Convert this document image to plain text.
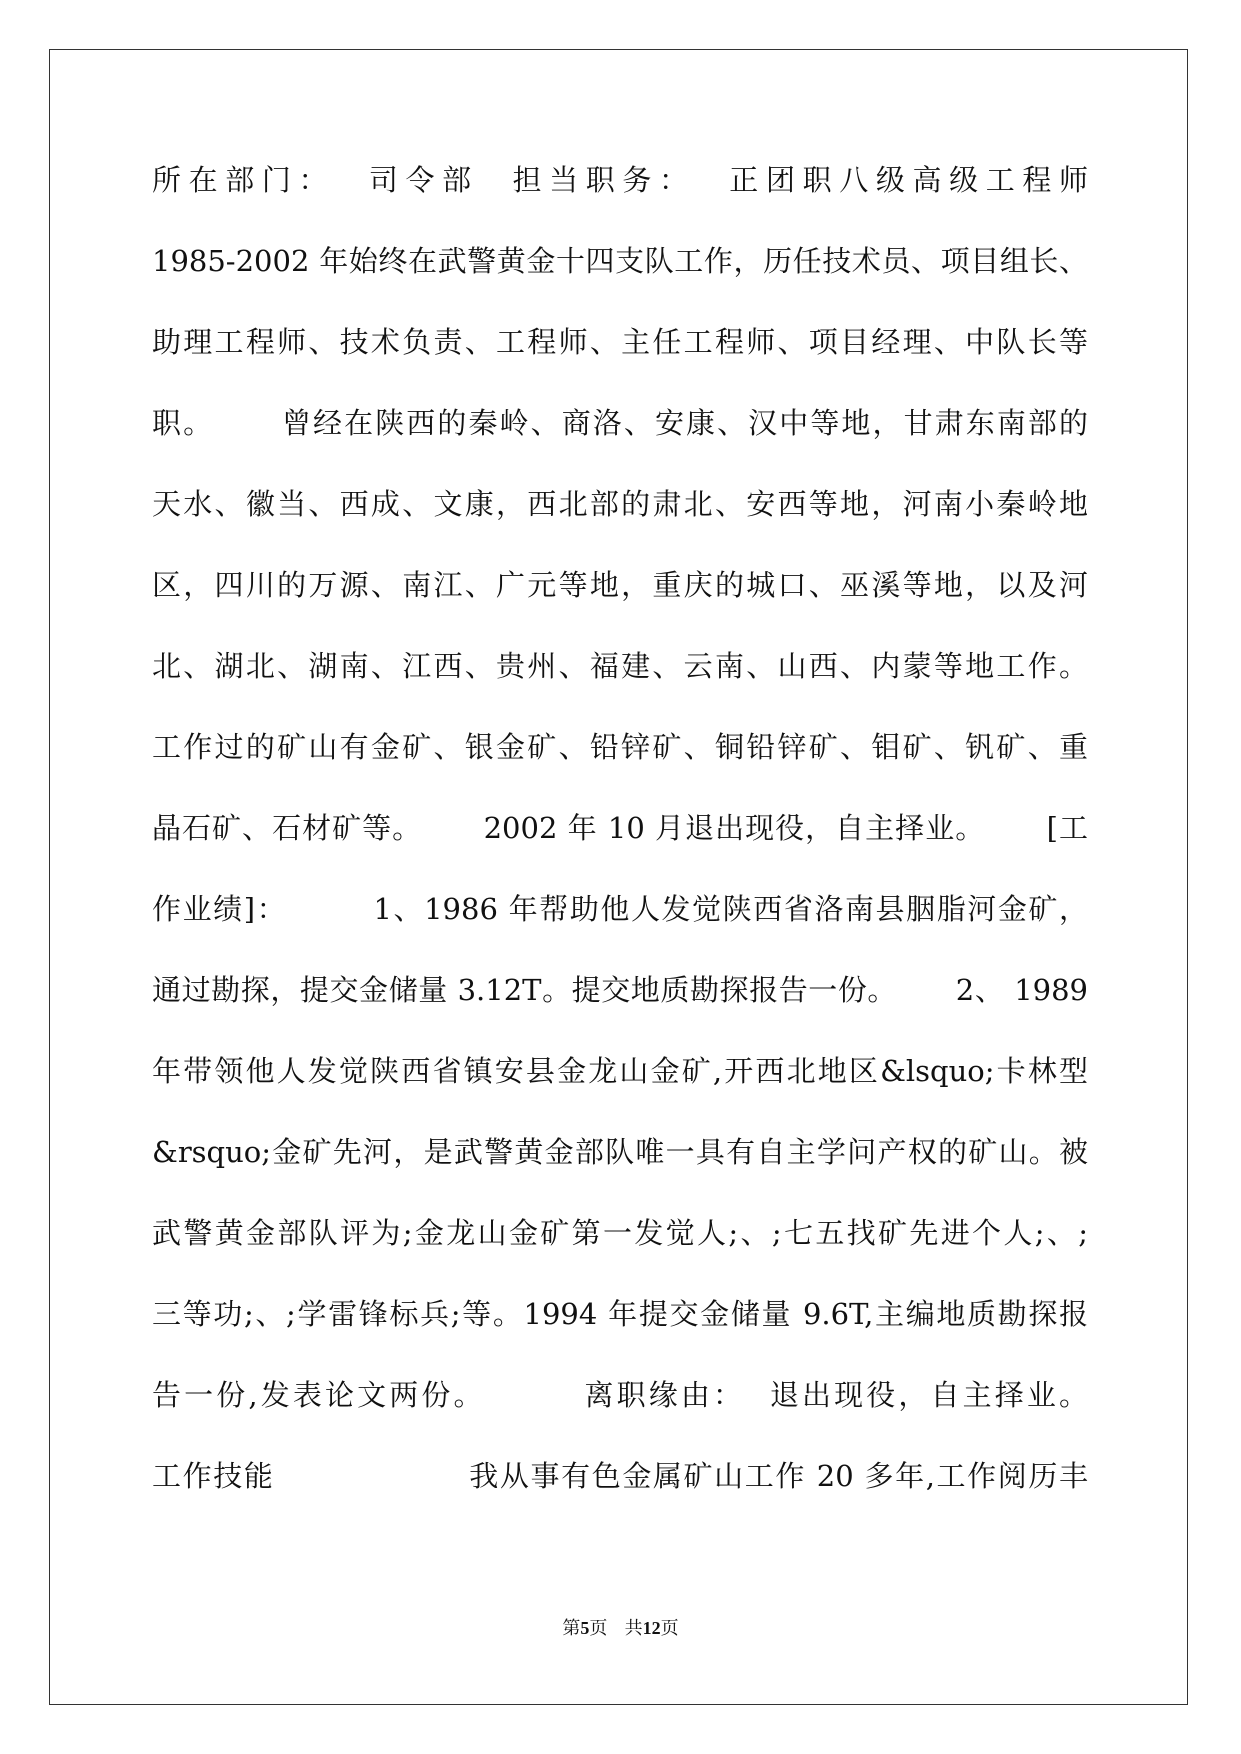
所在部门：  司令部  担当职务：  正团职八级高级工程师
1985-2002 年始终在武警黄金十四支队工作，历任技术员、项目组长、
助理工程师、技术负责、工程师、主任工程师、项目经理、中队长等
职。      曾经在陕西的秦岭、商洛、安康、汉中等地，甘肃东南部的
天水、徽当、西成、文康，西北部的肃北、安西等地，河南小秦岭地
区，四川的万源、南江、广元等地，重庆的城口、巫溪等地，以及河
北、湖北、湖南、江西、贵州、福建、云南、山西、内蒙等地工作。
工作过的矿山有金矿、银金矿、铅锌矿、铜铅锌矿、钼矿、钒矿、重
晶石矿、石材矿等。      2002 年 10 月退出现役，自主择业。      [工
作业绩]：        1、1986 年帮助他人发觉陕西省洛南县胭脂河金矿，
通过勘探，提交金储量 3.12T。提交地质勘探报告一份。      2、 1989
年带领他人发觉陕西省镇安县金龙山金矿,开西北地区&lsquo;卡林型
&rsquo;金矿先河，是武警黄金部队唯一具有自主学问产权的矿山。被
武警黄金部队评为;金龙山金矿第一发觉人;、;七五找矿先进个人;、;
三等功;、;学雷锋标兵;等。1994 年提交金储量 9.6T,主编地质勘探报
告一份,发表论文两份。        离职缘由：  退出现役，自主择业。
工作技能                  我从事有色金属矿山工作 20 多年,工作阅历丰
第5页 共12页
